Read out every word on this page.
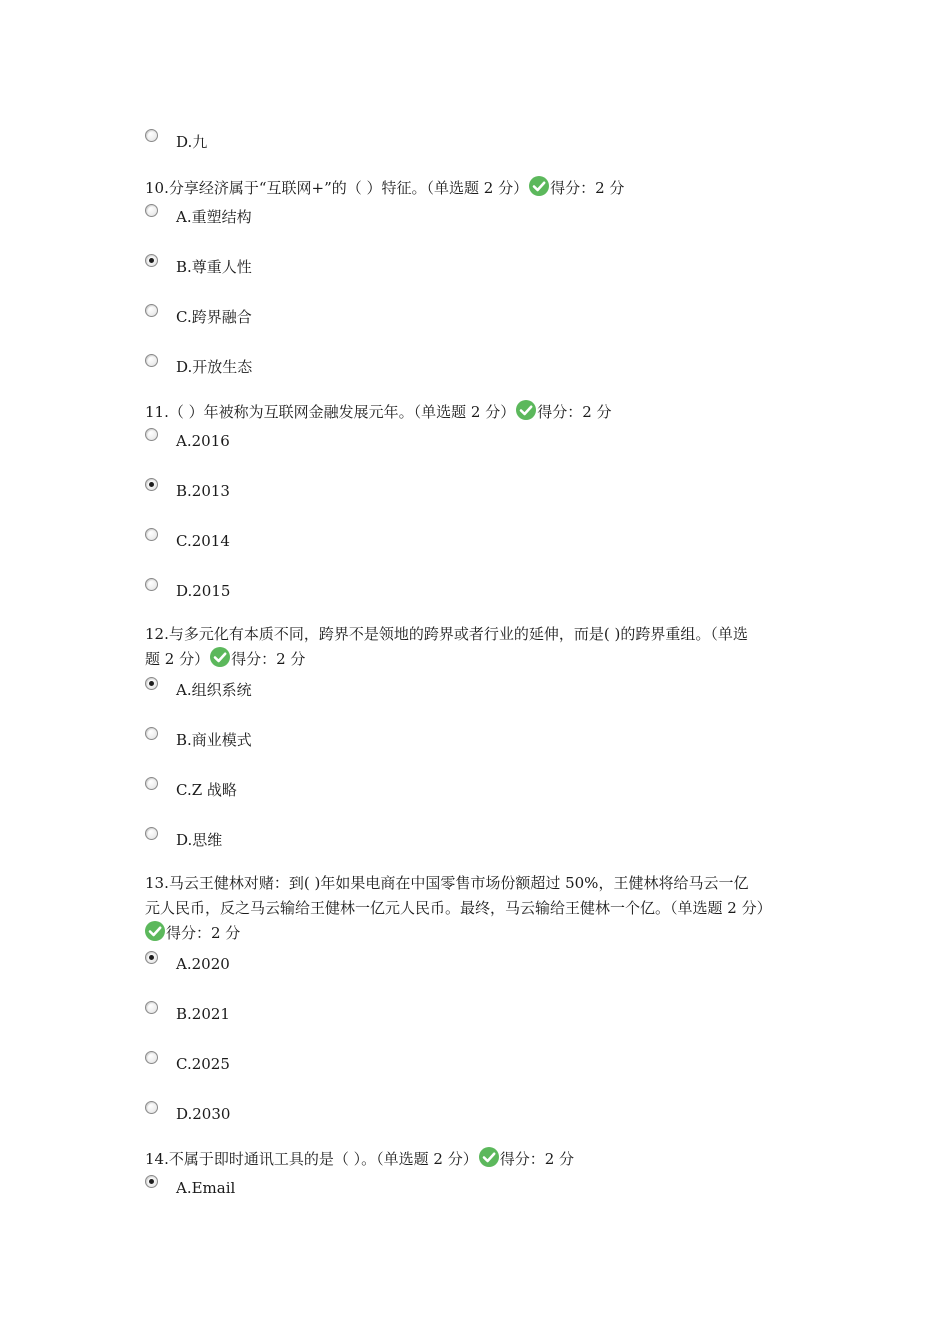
D.九
10.分享经济属于“互联网+”的（ ）特征。（单选题 2 分） 得分：2 分
A.重塑结构
B.尊重人性
C.跨界融合
D.开放生态
11.（ ）年被称为互联网金融发展元年。（单选题 2 分） 得分：2 分
A.2016
B.2013
C.2014
D.2015
12.与多元化有本质不同，跨界不是领地的跨界或者行业的延伸，而是( )的跨界重组。（单选
题 2 分） 得分：2 分
A.组织系统
B.商业模式
C.Z 战略
D.思维
13.马云王健林对赌：到( )年如果电商在中国零售市场份额超过 50%，王健林将给马云一亿
元人民币，反之马云输给王健林一亿元人民币。最终，马云输给王健林一个亿。（单选题 2 分）
得分：2 分
A.2020
B.2021
C.2025
D.2030
14.不属于即时通讯工具的是（ ）。（单选题 2 分） 得分：2 分
A.Email
